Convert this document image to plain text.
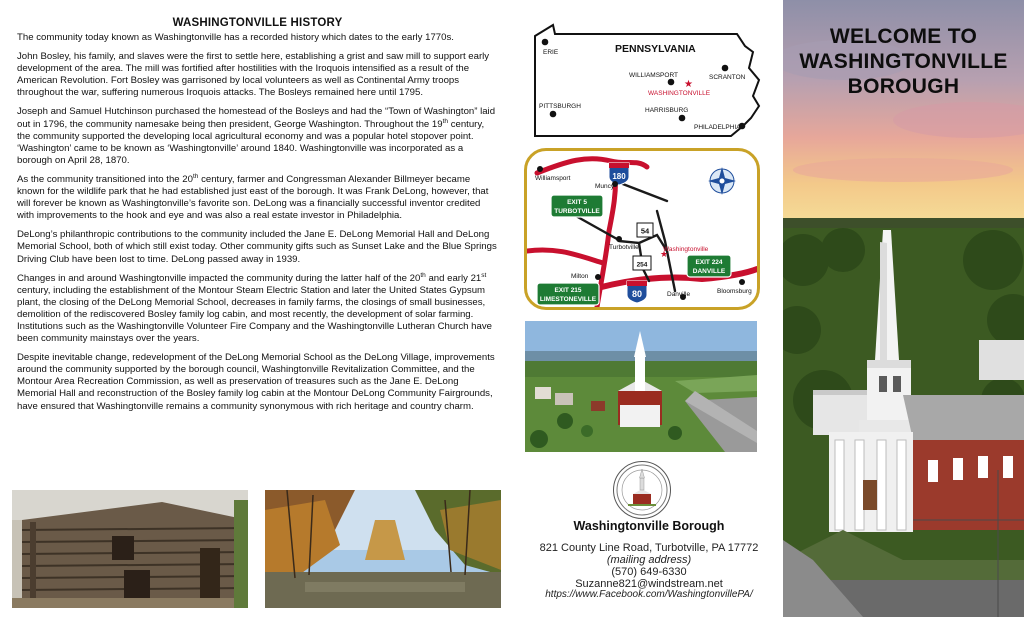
WASHINGTONVILLE HISTORY

The community today known as Washingtonville has a recorded history which dates to the early 1770s.

John Bosley, his family, and slaves were the first to settle here, establishing a grist and saw mill to support early development of the area. The mill was fortified after hostilities with the Iroquois intensified as a result of the American Revolution. Fort Bosley was garrisoned by local volunteers as well as Continental Army troops throughout the war, suffering numerous Iroquois attacks. The Bosleys remained here until 1795.

Joseph and Samuel Hutchinson purchased the homestead of the Bosleys and had the “Town of Washington” laid out in 1796, the community namesake being then president, George Washington. Throughout the 19th century, the community supported the developing local agricultural economy and was a popular hotel stopover point. ‘Washington’ came to be known as ‘Washingtonville’ around 1840. Washingtonville was incorporated as a borough on April 28, 1870.

As the community transitioned into the 20th century, farmer and Congressman Alexander Billmeyer became known for the wildlife park that he had established just east of the borough. It was Frank DeLong, however, that will forever be known as Washingtonville’s favorite son. DeLong was a financially successful inventor credited with improvements to the hook and eye and was also a real estate investor in Philadelphia.

DeLong’s philanthropic contributions to the community included the Jane E. DeLong Memorial Hall and DeLong Memorial School, both of which still exist today. Other community gifts such as Sunset Lake and the Blue Springs Driving Club have been lost to time. DeLong passed away in 1939.

Changes in and around Washingtonville impacted the community during the latter half of the 20th and early 21st century, including the establishment of the Montour Steam Electric Station and later the United States Gypsum plant, the closing of the DeLong Memorial School, decreases in family farms, the closings of small businesses, demolition of the rediscovered Bosley family log cabin, and most recently, the development of solar farming. Institutions such as the Washingtonville Volunteer Fire Company and the Washingtonville Lutheran Church have been community mainstays over the years.

Despite inevitable change, redevelopment of the DeLong Memorial School as the DeLong Village, improvements around the community supported by the borough council, Washingtonville Revitalization Committee, and the Montour Area Recreation Commission, as well as preservation of treasures such as the Jane E. DeLong Memorial Hall and reconstruction of the Bosley family log cabin at the Montour DeLong Community Fairgrounds, have ensured that Washingtonville remains a community synonymous with rich heritage and country charm.

PENNSYLVANIA
ERIE
WILLIAMSPORT	SCRANTON
★
WASHINGTONVILLE
PITTSBURGH
HARRISBURG
PHILADELPHIA
180
80
54
254
Williamsport
Muncy
Turbotville
★
Washingtonville
Milton
Danville	Bloomsburg
EXIT 5
TURBOTVILLE
EXIT 224
DANVILLE
EXIT 215
LIMESTONEVILLE
Washingtonville Borough
821 County Line Road, Turbotville, PA 17772
(mailing address)
(570) 649-6330
Suzanne821@windstream.net
https://www.Facebook.com/WashingtonvillePA/
WELCOME TO
WASHINGTONVILLE
BOROUGH
